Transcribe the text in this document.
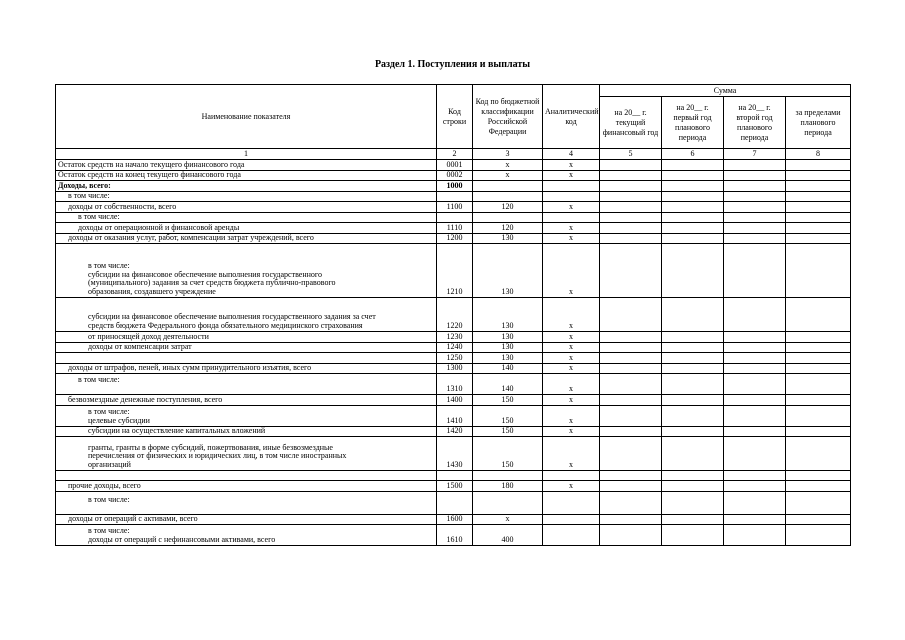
Раздел 1. Поступления и выплаты
Наименование показателя	Код строки	Код по бюджетной классификации Российской Федерации	Аналитический код	Сумма			
				на 20__ г. текущий финансовый год	на 20__ г. первый год планового периода	на 20__ г. второй год планового периода	за пределами планового периода
1	2	3	4	5	6	7	8

Остаток средств на начало текущего финансового года	0001	x	x				

Остаток средств на конец текущего финансового года	0002	x	x				

Доходы, всего:	1000						

в том числе:							

доходы от собственности, всего	1100	120	x				

в том числе:							

доходы от операционной и финансовой аренды	1110	120	x				

доходы от оказания услуг, работ, компенсации затрат учреждений, всего	1200	130	x				

в том числе:
субсидии на финансовое обеспечение выполнения государственного
(муниципального) задания за счет средств бюджета публично-правового
образования, создавшего учреждение	1210	130	x				

субсидии на финансовое обеспечение выполнения государственного задания за счет
средств бюджета Федерального фонда обязательного медицинского страхования	1220	130	x				

от приносящей доход деятельности	1230	130	x				

доходы от компенсации затрат	1240	130	x				

	1250	130	x				

доходы от штрафов, пеней, иных сумм принудительного изъятия, всего	1300	140	x				

в том числе:	1310	140	x				

безвозмездные денежные поступления, всего	1400	150	x				

в том числе:
целевые субсидии	1410	150	x				

субсидии на осуществление капитальных вложений	1420	150	x				

гранты, гранты в форме субсидий, пожертвования, иные безвозмездные
перечисления от физических и юридических лиц, в том числе иностранных
организаций	1430	150	x				

прочие доходы, всего	1500	180	x				

в том числе:							

доходы от операций с активами, всего	1600	x					

в том числе:
доходы от операций с нефинансовыми активами, всего	1610	400					
